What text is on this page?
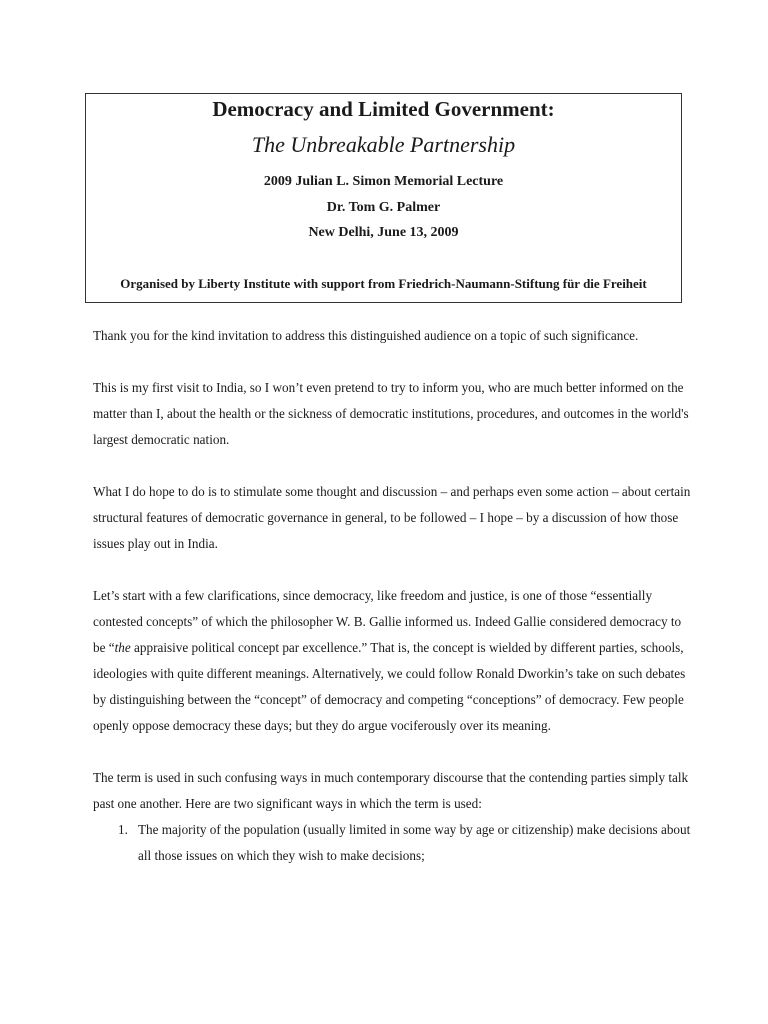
Democracy and Limited Government:
The Unbreakable Partnership
2009 Julian L. Simon Memorial Lecture
Dr. Tom G. Palmer
New Delhi, June 13, 2009
Organised by Liberty Institute with support from Friedrich-Naumann-Stiftung für die Freiheit

Thank you for the kind invitation to address this distinguished audience on a topic of such significance.

This is my first visit to India, so I won’t even pretend to try to inform you, who are much better informed on the matter than I, about the health or the sickness of democratic institutions, procedures, and outcomes in the world's largest democratic nation.

What I do hope to do is to stimulate some thought and discussion – and perhaps even some action – about certain structural features of democratic governance in general, to be followed – I hope – by a discussion of how those issues play out in India.

Let’s start with a few clarifications, since democracy, like freedom and justice, is one of those “essentially contested concepts” of which the philosopher W. B. Gallie informed us. Indeed Gallie considered democracy to be “the appraisive political concept par excellence.” That is, the concept is wielded by different parties, schools, ideologies with quite different meanings. Alternatively, we could follow Ronald Dworkin’s take on such debates by distinguishing between the “concept” of democracy and competing “conceptions” of democracy. Few people openly oppose democracy these days; but they do argue vociferously over its meaning.

The term is used in such confusing ways in much contemporary discourse that the contending parties simply talk past one another. Here are two significant ways in which the term is used:

1. The majority of the population (usually limited in some way by age or citizenship) make decisions about all those issues on which they wish to make decisions;
